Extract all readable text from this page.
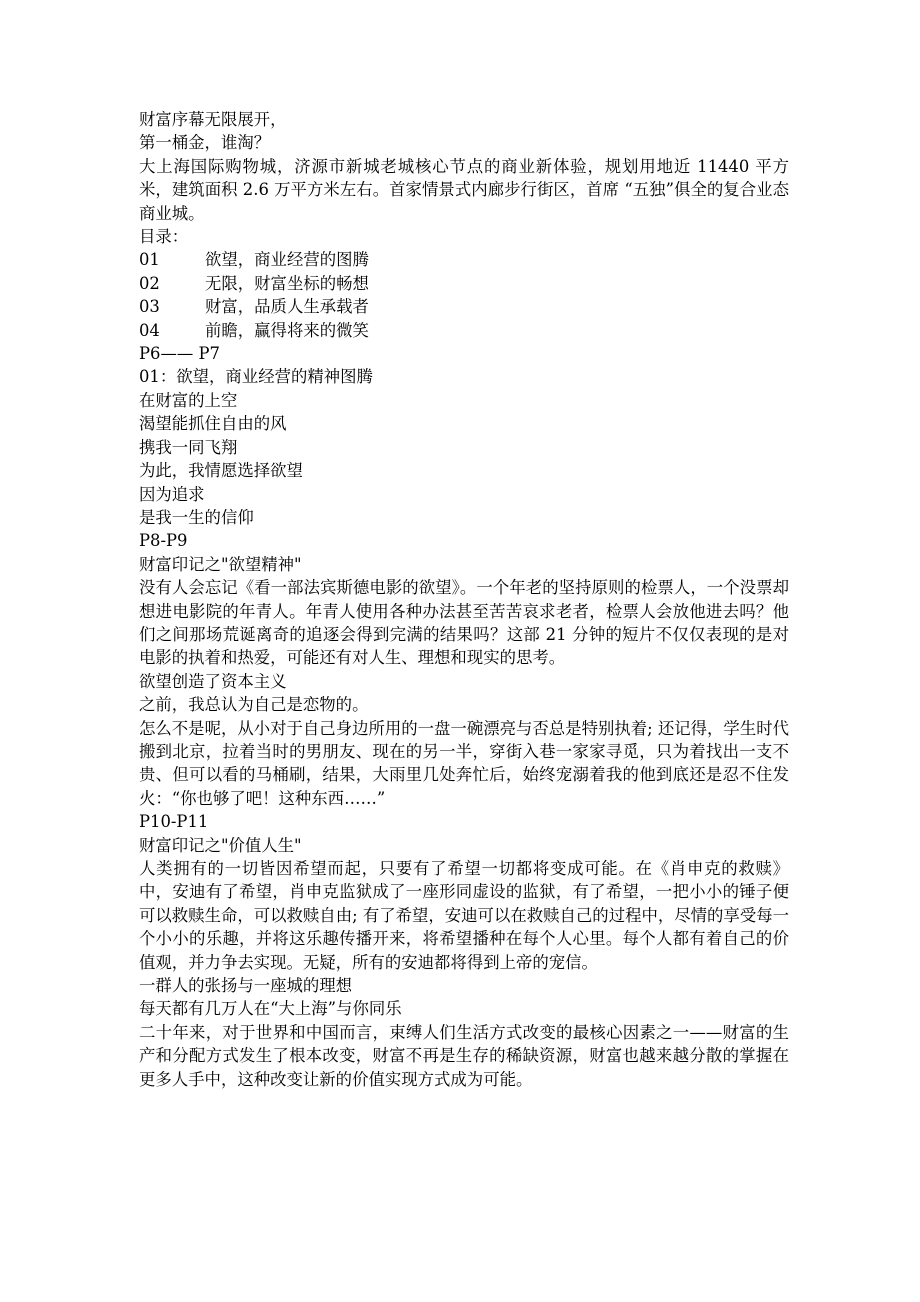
财富序幕无限展开，
第一桶金，谁淘？
大上海国际购物城，济源市新城老城核心节点的商业新体验，规划用地近 11440 平方米，建筑面积 2.6 万平方米左右。首家情景式内廊步行街区，首席 “五独”俱全的复合业态商业城。
目录：
01	欲望，商业经营的图腾
02	无限，财富坐标的畅想
03	财富，品质人生承载者
04	前瞻，赢得将来的微笑
P6—— P7
01：欲望，商业经营的精神图腾
在财富的上空
渴望能抓住自由的风
携我一同飞翔
为此，我情愿选择欲望
因为追求
是我一生的信仰
P8-P9
财富印记之"欲望精神"
没有人会忘记《看一部法宾斯德电影的欲望》。一个年老的坚持原则的检票人，一个没票却想进电影院的年青人。年青人使用各种办法甚至苦苦哀求老者，检票人会放他进去吗？他们之间那场荒诞离奇的追逐会得到完满的结果吗？这部 21 分钟的短片不仅仅表现的是对电影的执着和热爱，可能还有对人生、理想和现实的思考。
欲望创造了资本主义
之前，我总认为自己是恋物的。
怎么不是呢，从小对于自己身边所用的一盘一碗漂亮与否总是特别执着; 还记得，学生时代搬到北京，拉着当时的男朋友、现在的另一半，穿街入巷一家家寻觅，只为着找出一支不贵、但可以看的马桶刷，结果，大雨里几处奔忙后，始终宠溺着我的他到底还是忍不住发火：“你也够了吧！这种东西……”
P10-P11
财富印记之"价值人生"
人类拥有的一切皆因希望而起，只要有了希望一切都将变成可能。在《肖申克的救赎》中，安迪有了希望，肖申克监狱成了一座形同虚设的监狱，有了希望，一把小小的锤子便可以救赎生命，可以救赎自由; 有了希望，安迪可以在救赎自己的过程中，尽情的享受每一个小小的乐趣，并将这乐趣传播开来，将希望播种在每个人心里。每个人都有着自己的价值观，并力争去实现。无疑，所有的安迪都将得到上帝的宠信。
一群人的张扬与一座城的理想
每天都有几万人在“大上海”与你同乐
二十年来，对于世界和中国而言，束缚人们生活方式改变的最核心因素之一——财富的生产和分配方式发生了根本改变，财富不再是生存的稀缺资源，财富也越来越分散的掌握在更多人手中，这种改变让新的价值实现方式成为可能。
